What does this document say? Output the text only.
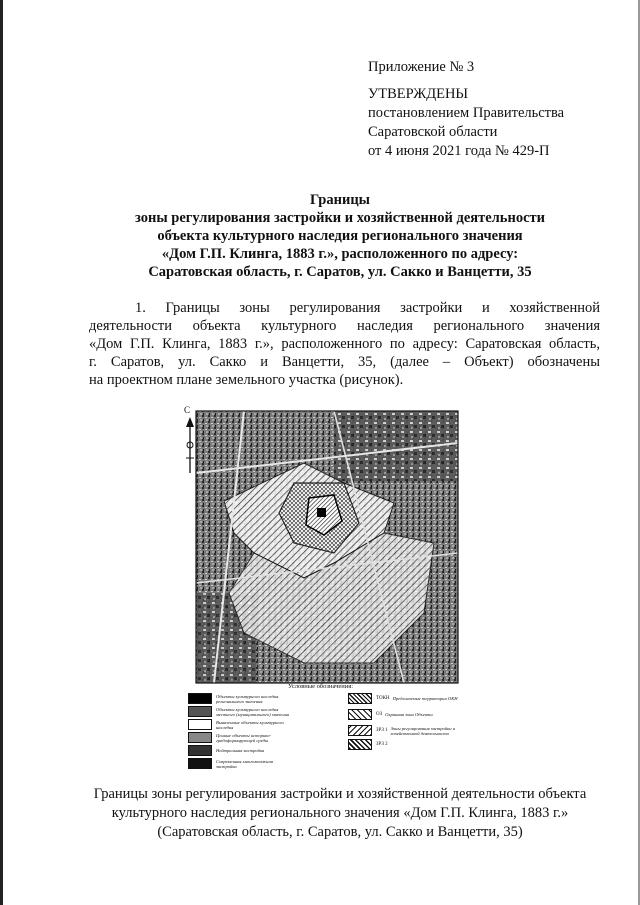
Приложение № 3
УТВЕРЖДЕНЫ
постановлением Правительства
Саратовской области
от 4 июня 2021 года № 429-П
Границы
зоны регулирования застройки и хозяйственной деятельности
объекта культурного наследия регионального значения
«Дом Г.П. Клинга, 1883 г.», расположенного по адресу:
Саратовская область, г. Саратов, ул. Сакко и Ванцетти, 35
1. Границы зоны регулирования застройки и хозяйственной
деятельности объекта культурного наследия регионального значения
«Дом Г.П. Клинга, 1883 г.», расположенного по адресу: Саратовская область,
г. Саратов, ул. Сакко и Ванцетти, 35, (далее – Объект) обозначены
на проектном плане земельного участка (рисунок).
С
Условные обозначения:
Объекты культурного наследия регионального значения
Объекты культурного наследия местного (муниципального) значения
Выявленные объекты культурного наследия
Ценные объекты историко-градоформирующей среды
Нейтральная застройка
Современная многоэтажная застройка
ТОКН Предлагаемые территории ОКН
ОЗ Охранная зона Объекта
ЗРЗ 1 Зоны регулирования застройки и хозяйственной деятельности
ЗРЗ 2
Границы зоны регулирования застройки и хозяйственной деятельности объекта
культурного наследия регионального значения «Дом Г.П. Клинга, 1883 г.»
(Саратовская область, г. Саратов, ул. Сакко и Ванцетти, 35)
